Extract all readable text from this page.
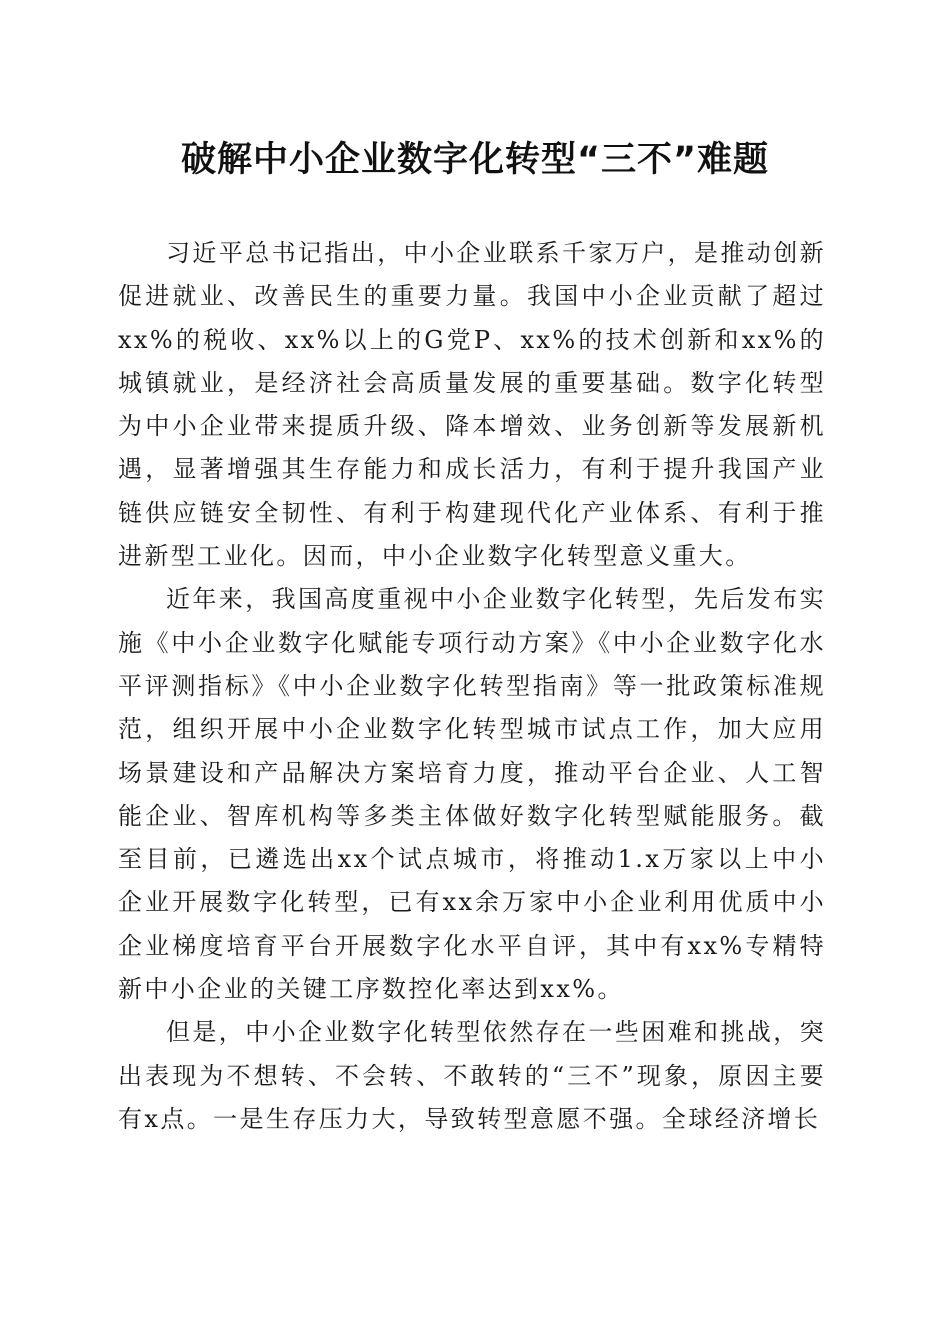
破解中小企业数字化转型“三不”难题

习近平总书记指出，中小企业联系千家万户，是推动创新促进就业、改善民生的重要力量。我国中小企业贡献了超过xx%的税收、xx%以上的G党P、xx%的技术创新和xx%的城镇就业，是经济社会高质量发展的重要基础。数字化转型为中小企业带来提质升级、降本增效、业务创新等发展新机遇，显著增强其生存能力和成长活力，有利于提升我国产业链供应链安全韧性、有利于构建现代化产业体系、有利于推进新型工业化。因而，中小企业数字化转型意义重大。

近年来，我国高度重视中小企业数字化转型，先后发布实施《中小企业数字化赋能专项行动方案》《中小企业数字化水平评测指标》《中小企业数字化转型指南》等一批政策标准规范，组织开展中小企业数字化转型城市试点工作，加大应用场景建设和产品解决方案培育力度，推动平台企业、人工智能企业、智库机构等多类主体做好数字化转型赋能服务。截至目前，已遴选出xx个试点城市，将推动1.x万家以上中小企业开展数字化转型，已有xx余万家中小企业利用优质中小企业梯度培育平台开展数字化水平自评，其中有xx%专精特新中小企业的关键工序数控化率达到xx%。

但是，中小企业数字化转型依然存在一些困难和挑战，突出表现为不想转、不会转、不敢转的“三不”现象，原因主要有x点。一是生存压力大，导致转型意愿不强。全球经济增长
